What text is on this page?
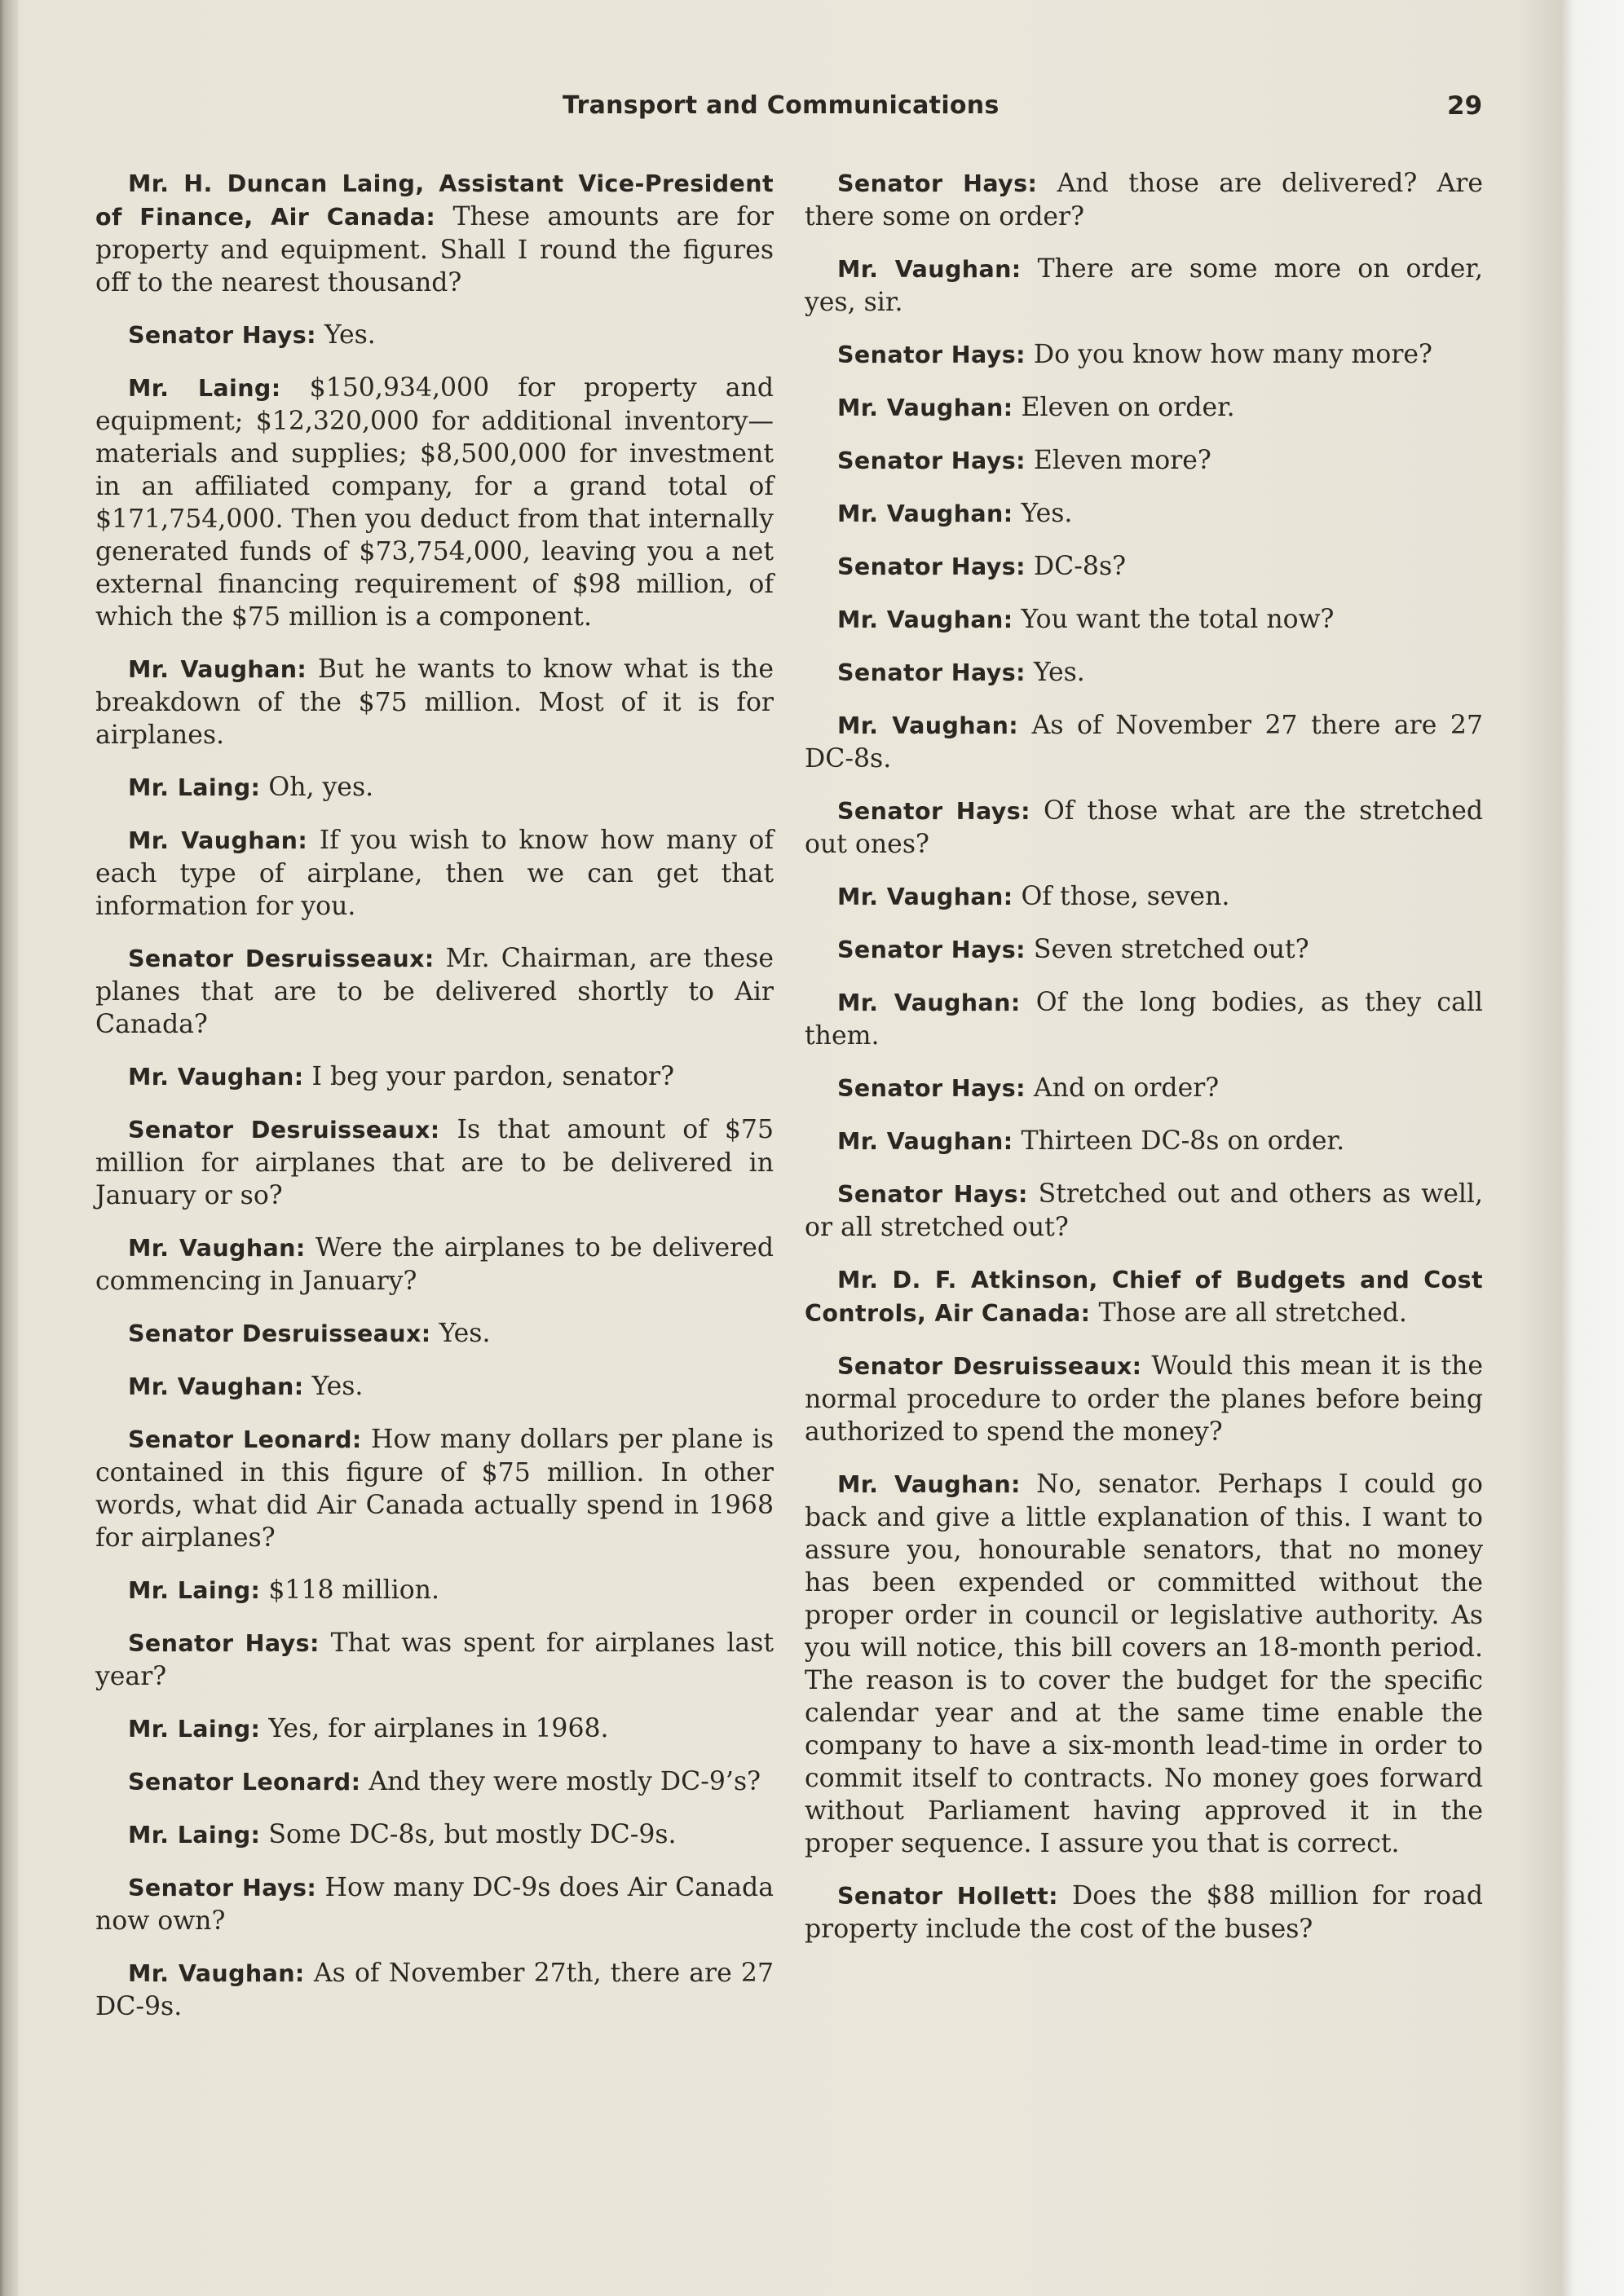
Transport and Communications	29

Mr. H. Duncan Laing, Assistant Vice-President of Finance, Air Canada: These amounts are for property and equipment. Shall I round the figures off to the nearest thousand?

Senator Hays: Yes.

Mr. Laing: $150,934,000 for property and equipment; $12,320,000 for additional inventory—materials and supplies; $8,500,000 for investment in an affiliated company, for a grand total of $171,754,000. Then you deduct from that internally generated funds of $73,754,000, leaving you a net external financing requirement of $98 million, of which the $75 million is a component.

Mr. Vaughan: But he wants to know what is the breakdown of the $75 million. Most of it is for airplanes.

Mr. Laing: Oh, yes.

Mr. Vaughan: If you wish to know how many of each type of airplane, then we can get that information for you.

Senator Desruisseaux: Mr. Chairman, are these planes that are to be delivered shortly to Air Canada?

Mr. Vaughan: I beg your pardon, senator?

Senator Desruisseaux: Is that amount of $75 million for airplanes that are to be delivered in January or so?

Mr. Vaughan: Were the airplanes to be delivered commencing in January?

Senator Desruisseaux: Yes.

Mr. Vaughan: Yes.

Senator Leonard: How many dollars per plane is contained in this figure of $75 million. In other words, what did Air Canada actually spend in 1968 for airplanes?

Mr. Laing: $118 million.

Senator Hays: That was spent for airplanes last year?

Mr. Laing: Yes, for airplanes in 1968.

Senator Leonard: And they were mostly DC-9’s?

Mr. Laing: Some DC-8s, but mostly DC-9s.

Senator Hays: How many DC-9s does Air Canada now own?

Mr. Vaughan: As of November 27th, there are 27 DC-9s.

Senator Hays: And those are delivered? Are there some on order?

Mr. Vaughan: There are some more on order, yes, sir.

Senator Hays: Do you know how many more?

Mr. Vaughan: Eleven on order.

Senator Hays: Eleven more?

Mr. Vaughan: Yes.

Senator Hays: DC-8s?

Mr. Vaughan: You want the total now?

Senator Hays: Yes.

Mr. Vaughan: As of November 27 there are 27 DC-8s.

Senator Hays: Of those what are the stretched out ones?

Mr. Vaughan: Of those, seven.

Senator Hays: Seven stretched out?

Mr. Vaughan: Of the long bodies, as they call them.

Senator Hays: And on order?

Mr. Vaughan: Thirteen DC-8s on order.

Senator Hays: Stretched out and others as well, or all stretched out?

Mr. D. F. Atkinson, Chief of Budgets and Cost Controls, Air Canada: Those are all stretched.

Senator Desruisseaux: Would this mean it is the normal procedure to order the planes before being authorized to spend the money?

Mr. Vaughan: No, senator. Perhaps I could go back and give a little explanation of this. I want to assure you, honourable senators, that no money has been expended or committed without the proper order in council or legislative authority. As you will notice, this bill covers an 18-month period. The reason is to cover the budget for the specific calendar year and at the same time enable the company to have a six-month lead-time in order to commit itself to contracts. No money goes forward without Parliament having approved it in the proper sequence. I assure you that is correct.

Senator Hollett: Does the $88 million for road property include the cost of the buses?
